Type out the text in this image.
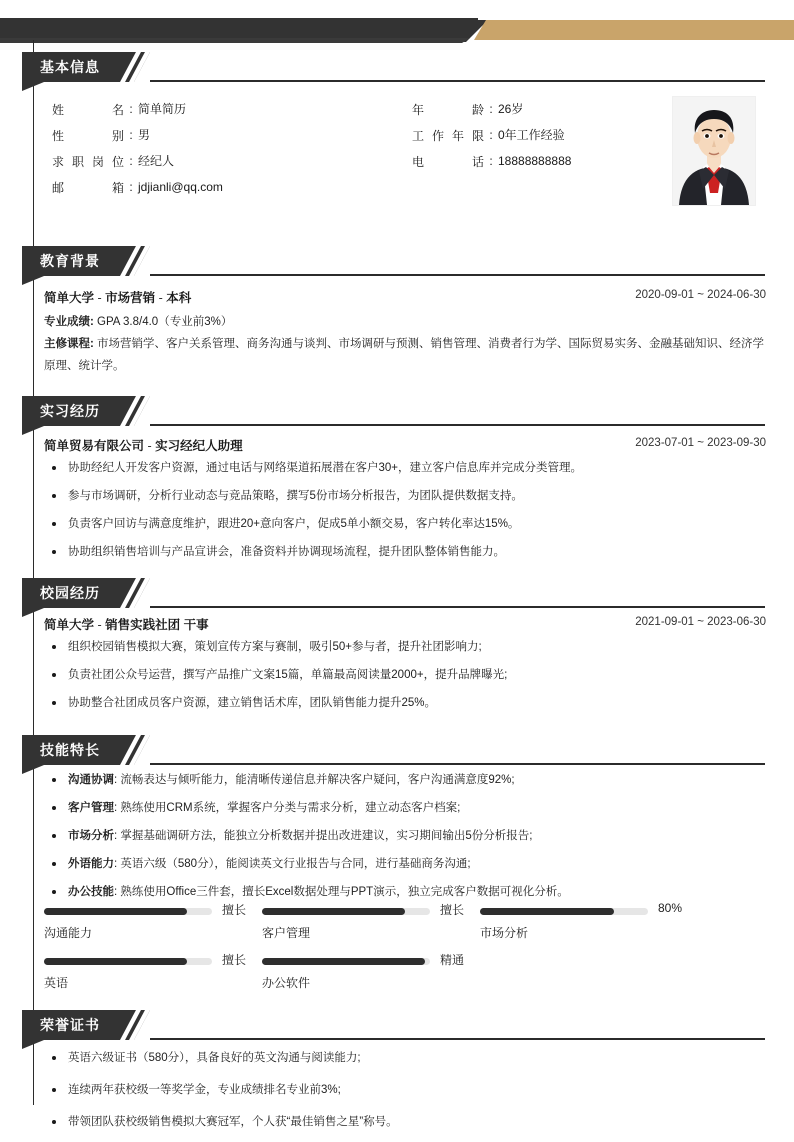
基本信息
姓名 : 简单简历
性别 : 男
求职岗位 : 经纪人
邮箱 : jdjianli@qq.com
年龄 : 26岁
工作年限 : 0年工作经验
电话 : 18888888888
教育背景
简单大学 - 市场营销 - 本科	2020-09-01 ~ 2024-06-30
专业成绩: GPA 3.8/4.0（专业前3%）
主修课程: 市场营销学、客户关系管理、商务沟通与谈判、市场调研与预测、销售管理、消费者行为学、国际贸易实务、金融基础知识、经济学原理、统计学。
实习经历
简单贸易有限公司 - 实习经纪人助理	2023-07-01 ~ 2023-09-30
协助经纪人开发客户资源，通过电话与网络渠道拓展潜在客户30+，建立客户信息库并完成分类管理。
参与市场调研，分析行业动态与竞品策略，撰写5份市场分析报告，为团队提供数据支持。
负责客户回访与满意度维护，跟进20+意向客户，促成5单小额交易，客户转化率达15%。
协助组织销售培训与产品宣讲会，准备资料并协调现场流程，提升团队整体销售能力。
校园经历
简单大学 - 销售实践社团 干事	2021-09-01 ~ 2023-06-30
组织校园销售模拟大赛，策划宣传方案与赛制，吸引50+参与者，提升社团影响力;
负责社团公众号运营，撰写产品推广文案15篇，单篇最高阅读量2000+，提升品牌曝光;
协助整合社团成员客户资源，建立销售话术库，团队销售能力提升25%。
技能特长
沟通协调: 流畅表达与倾听能力，能清晰传递信息并解决客户疑问，客户沟通满意度92%;
客户管理: 熟练使用CRM系统，掌握客户分类与需求分析，建立动态客户档案;
市场分析: 掌握基础调研方法，能独立分析数据并提出改进建议，实习期间输出5份分析报告;
外语能力: 英语六级（580分），能阅读英文行业报告与合同，进行基础商务沟通;
办公技能: 熟练使用Office三件套，擅长Excel数据处理与PPT演示，独立完成客户数据可视化分析。
擅长
沟通能力
擅长
客户管理
80%
市场分析
擅长
英语
精通
办公软件
荣誉证书
英语六级证书（580分），具备良好的英文沟通与阅读能力;
连续两年获校级一等奖学金，专业成绩排名专业前3%;
带领团队获校级销售模拟大赛冠军，个人获“最佳销售之星”称号。
